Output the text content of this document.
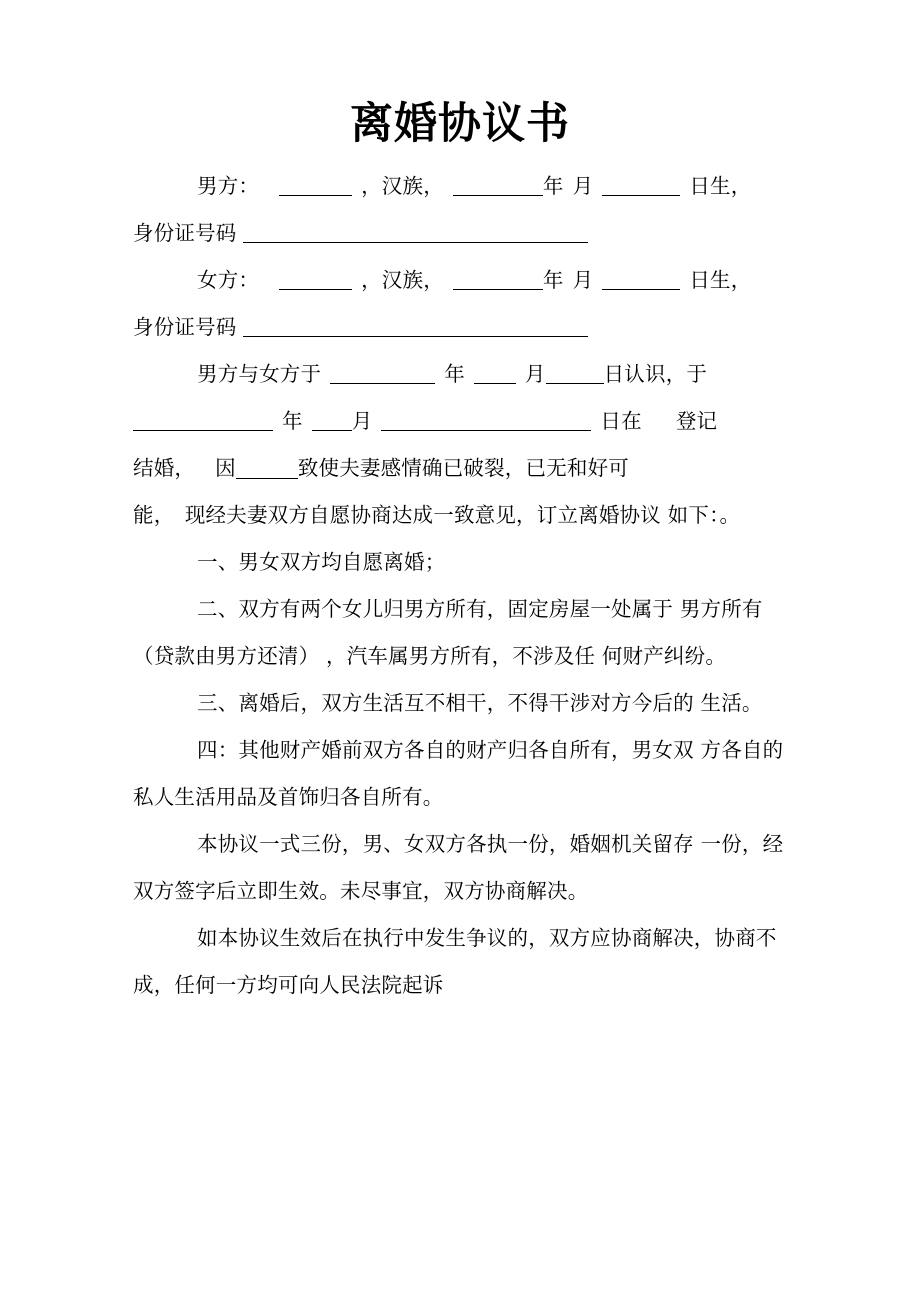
离婚协议书
男方：	，汉族，	年 月	日生，
身份证号码
女方：	，汉族，	年 月	日生，
身份证号码
男方与女方于	年	月	日认识，于
年 月	日在 登记
结婚， 因	致使夫妻感情确已破裂，已无和好可
能，　现经夫妻双方自愿协商达成一致意见，订立离婚协议 如下：。
一、男女双方均自愿离婚；
二、双方有两个女儿归男方所有，固定房屋一处属于 男方所有（贷款由男方还清） ，汽车属男方所有，不涉及任 何财产纠纷。
三、离婚后，双方生活互不相干，不得干涉对方今后的 生活。
四：其他财产婚前双方各自的财产归各自所有，男女双 方各自的私人生活用品及首饰归各自所有。
本协议一式三份，男、女双方各执一份，婚姻机关留存 一份，经双方签字后立即生效。未尽事宜，双方协商解决。
如本协议生效后在执行中发生争议的，双方应协商解决，协商不成，任何一方均可向人民法院起诉
